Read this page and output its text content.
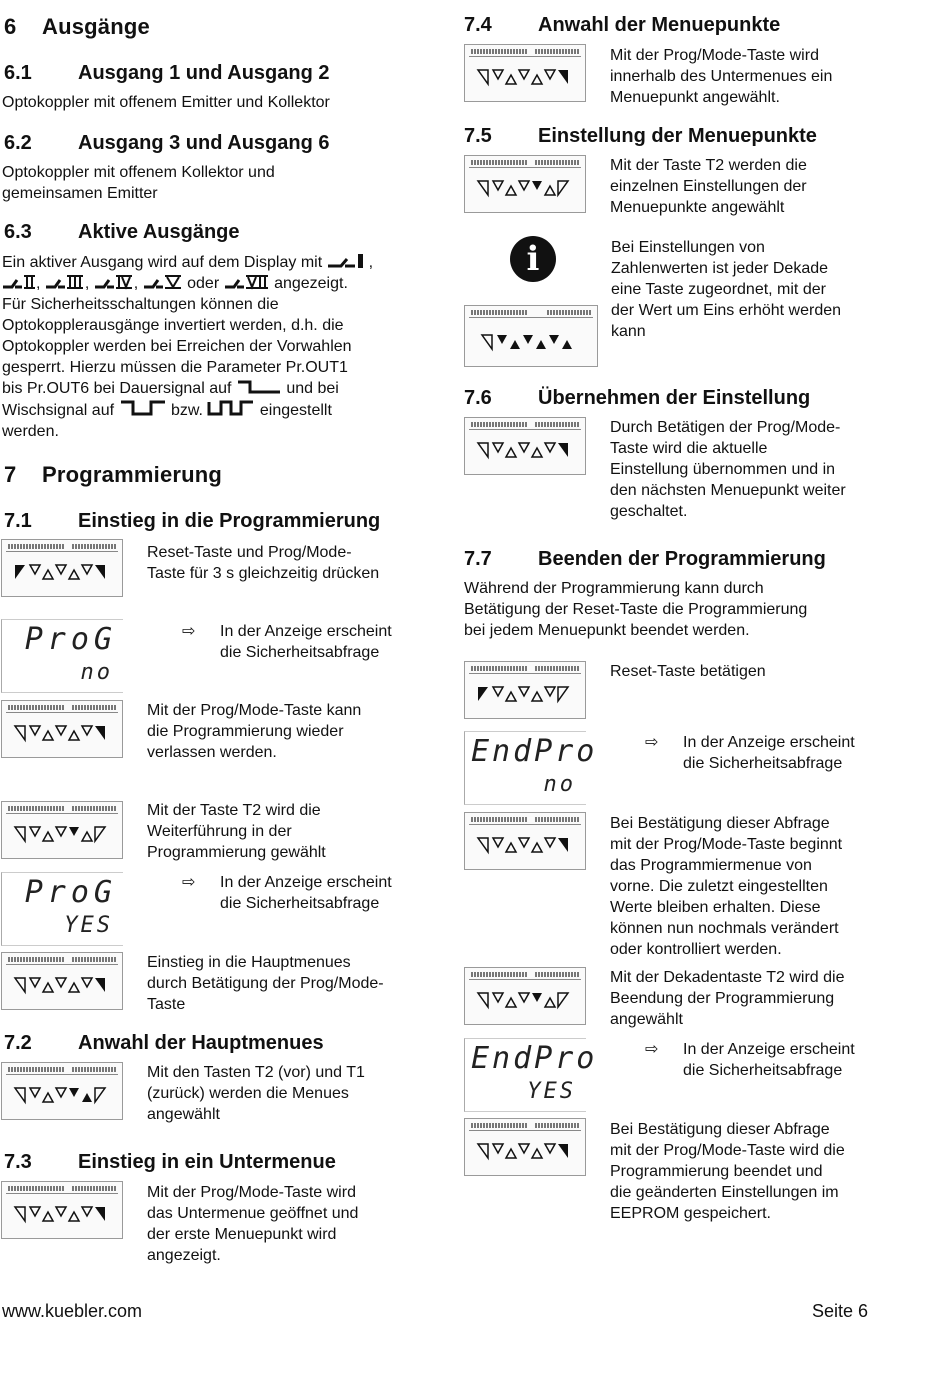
6 Ausgänge
6.1 Ausgang 1 und Ausgang 2

Optokoppler mit offenem Emitter und Kollektor

6.2 Ausgang 3 und Ausgang 6

Optokoppler mit offenem Kollektor und
gemeinsamen Emitter

6.3 Aktive Ausgänge
Ein aktiver Ausgang wird auf dem Display mit	,
,	,	,	oder	angezeigt.
Für Sicherheitsschaltungen können die
Optokopplerausgänge invertiert werden, d.h. die
Optokoppler werden bei Erreichen der Vorwahlen
gesperrt. Hierzu müssen die Parameter Pr.OUT1
bis Pr.OUT6 bei Dauersignal auf	und bei
Wischsignal auf	bzw.	eingestellt
werden.
7 Programmierung
7.1 Einstieg in die Programmierung

Reset-Taste und Prog/Mode-
Taste für 3 s gleichzeitig drücken

ProG
no
⇨ In der Anzeige erscheint
die Sicherheitsabfrage

Mit der Prog/Mode-Taste kann
die Programmierung wieder
verlassen werden.

Mit der Taste T2 wird die
Weiterführung in der
Programmierung gewählt

ProG
YES
⇨ In der Anzeige erscheint
die Sicherheitsabfrage

Einstieg in die Hauptmenues
durch Betätigung der Prog/Mode-
Taste

7.2 Anwahl der Hauptmenues

Mit den Tasten T2 (vor) und T1
(zurück) werden die Menues
angewählt

7.3 Einstieg in ein Untermenue

Mit der Prog/Mode-Taste wird
das Untermenue geöffnet und
der erste Menuepunkt wird
angezeigt.

7.4 Anwahl der Menuepunkte

Mit der Prog/Mode-Taste wird
innerhalb des Untermenues ein
Menuepunkt angewählt.

7.5 Einstellung der Menuepunkte

Mit der Taste T2 werden die
einzelnen Einstellungen der
Menuepunkte angewählt

i	Bei Einstellungen von
Zahlenwerten ist jeder Dekade
eine Taste zugeordnet, mit der
der Wert um Eins erhöht werden
kann

7.6 Übernehmen der Einstellung

Durch Betätigen der Prog/Mode-
Taste wird die aktuelle
Einstellung übernommen und in
den nächsten Menuepunkt weiter
geschaltet.

7.7 Beenden der Programmierung

Während der Programmierung kann durch
Betätigung der Reset-Taste die Programmierung
bei jedem Menuepunkt beendet werden.

Reset-Taste betätigen

EndPro
no
⇨ In der Anzeige erscheint
die Sicherheitsabfrage

Bei Bestätigung dieser Abfrage
mit der Prog/Mode-Taste beginnt
das Programmiermenue von
vorne. Die zuletzt eingestellten
Werte bleiben erhalten. Diese
können nun nochmals verändert
oder kontrolliert werden.

Mit der Dekadentaste T2 wird die
Beendung der Programmierung
angewählt

EndPro
YES
⇨ In der Anzeige erscheint
die Sicherheitsabfrage

Bei Bestätigung dieser Abfrage
mit der Prog/Mode-Taste wird die
Programmierung beendet und
die geänderten Einstellungen im
EEPROM gespeichert.

www.kuebler.com	Seite 6
